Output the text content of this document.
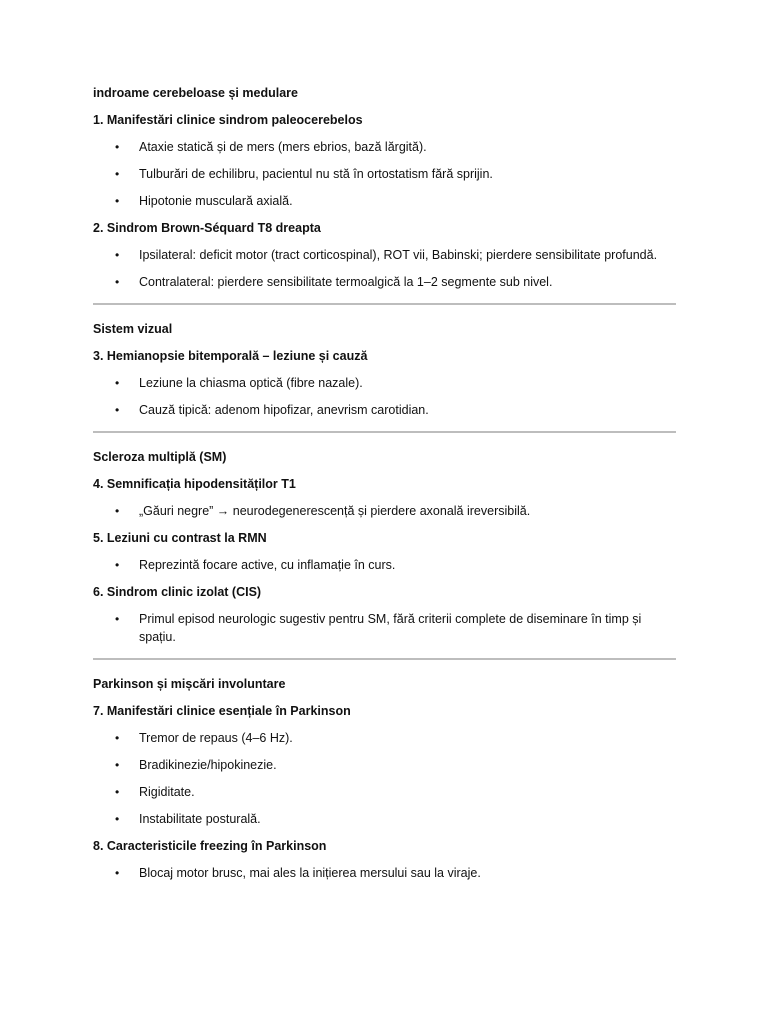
indroame cerebeloase și medulare
1. Manifestări clinice sindrom paleocerebelos
•	Ataxie statică și de mers (mers ebrios, bază lărgită).
•	Tulburări de echilibru, pacientul nu stă în ortostatism fără sprijin.
•	Hipotonie musculară axială.
2. Sindrom Brown-Séquard T8 dreapta
•	Ipsilateral: deficit motor (tract corticospinal), ROT vii, Babinski; pierdere sensibilitate profundă.
•	Contralateral: pierdere sensibilitate termoalgică la 1–2 segmente sub nivel.
Sistem vizual
3. Hemianopsie bitemporală – leziune și cauză
•	Leziune la chiasma optică (fibre nazale).
•	Cauză tipică: adenom hipofizar, anevrism carotidian.
Scleroza multiplă (SM)
4. Semnificația hipodensităților T1
•	„Găuri negre” → neurodegenerescență și pierdere axonală ireversibilă.
5. Leziuni cu contrast la RMN
•	Reprezintă focare active, cu inflamație în curs.
6. Sindrom clinic izolat (CIS)
•	Primul episod neurologic sugestiv pentru SM, fără criterii complete de diseminare în timp și spațiu.
Parkinson și mișcări involuntare
7. Manifestări clinice esențiale în Parkinson
•	Tremor de repaus (4–6 Hz).
•	Bradikinezie/hipokinezie.
•	Rigiditate.
•	Instabilitate posturală.
8. Caracteristicile freezing în Parkinson
•	Blocaj motor brusc, mai ales la inițierea mersului sau la viraje.
